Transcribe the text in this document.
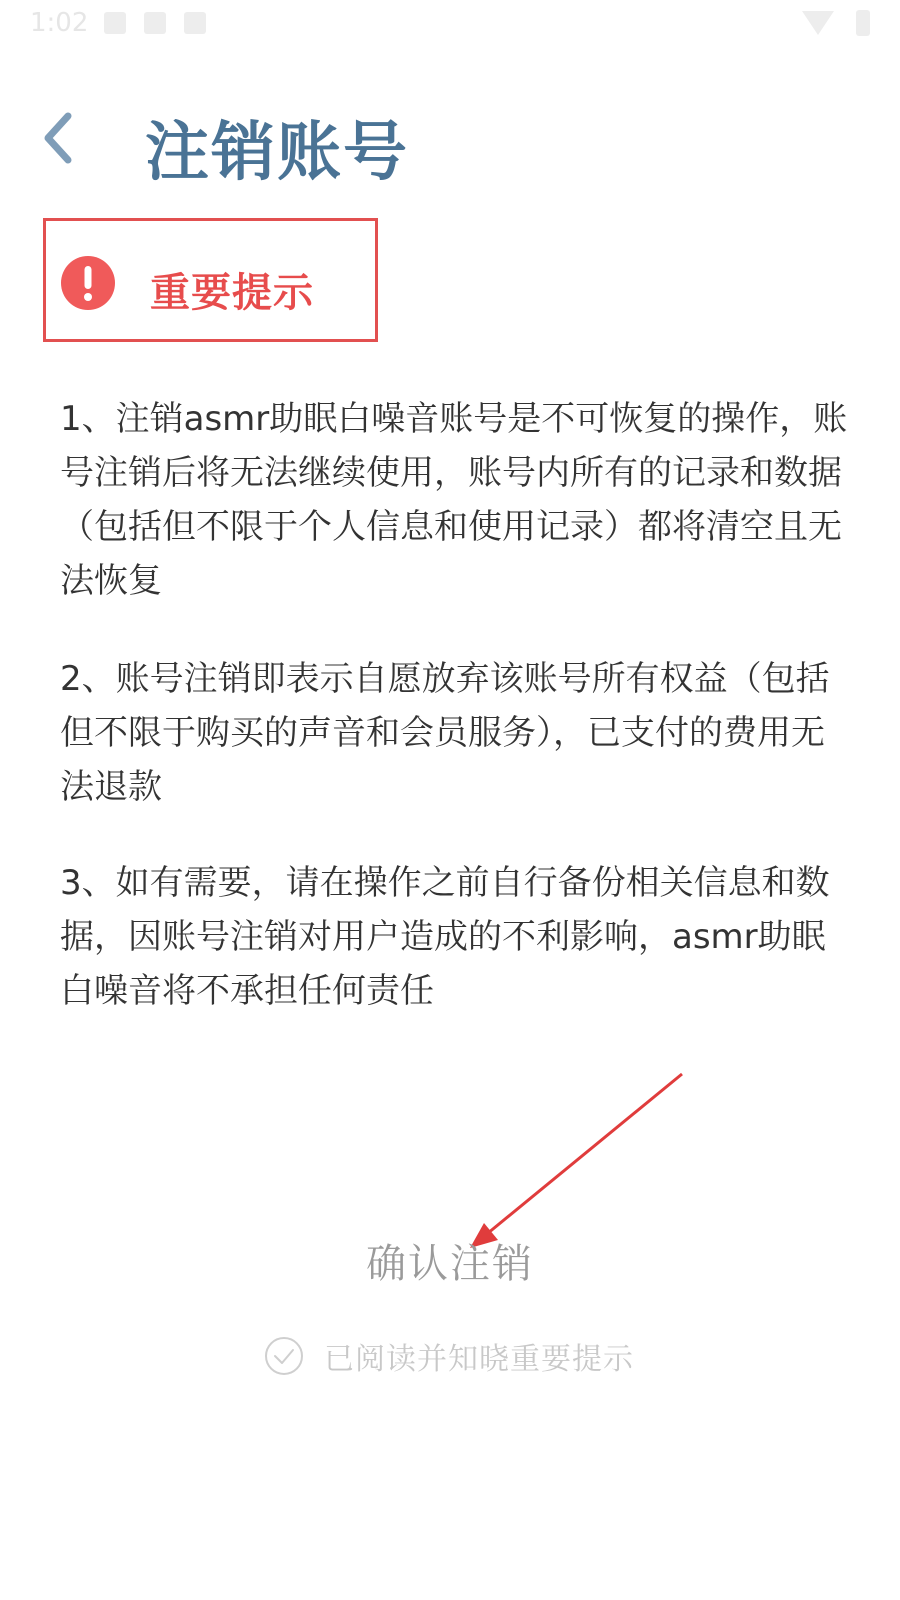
1:02
注销账号
重要提示

1、注销asmr助眠白噪音账号是不可恢复的操作，账号注销后将无法继续使用，账号内所有的记录和数据（包括但不限于个人信息和使用记录）都将清空且无法恢复

2、账号注销即表示自愿放弃该账号所有权益（包括但不限于购买的声音和会员服务），已支付的费用无法退款

3、如有需要，请在操作之前自行备份相关信息和数据，因账号注销对用户造成的不利影响，asmr助眠白噪音将不承担任何责任

确认注销
已阅读并知晓重要提示
